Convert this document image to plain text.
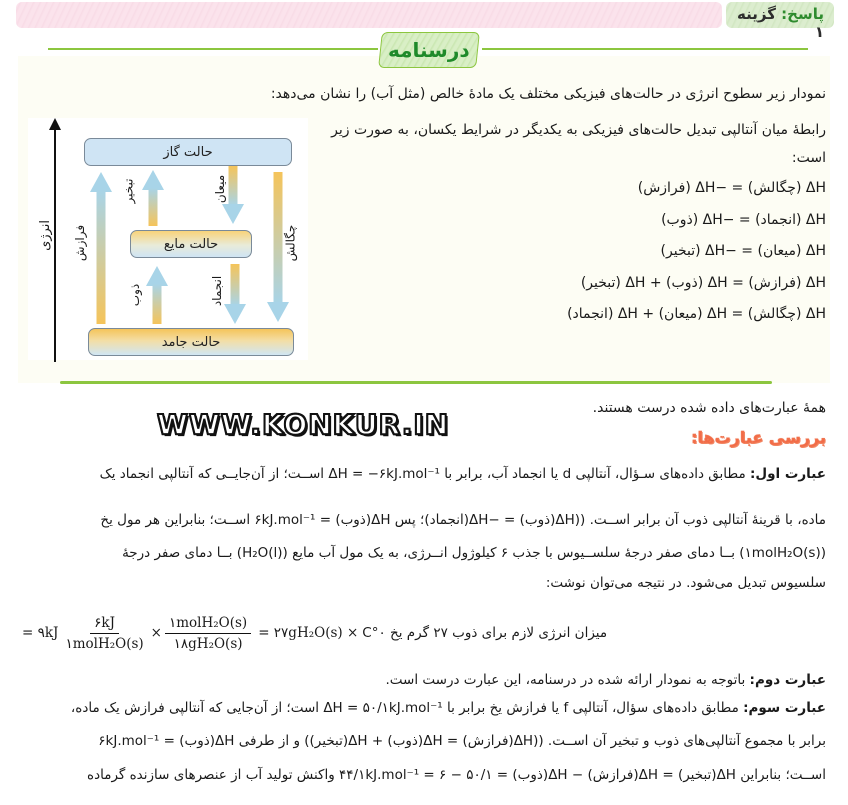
پاسخ: گزینه ۱
درسنامه
نمودار زیر سطوح انرژی در حالت‌های فیزیکی مختلف یک مادۀ خالص (مثل آب) را نشان می‌دهد:
رابطۀ میان آنتالپی تبدیل حالت‌های فیزیکی به یکدیگر در شرایط یکسان، به صورت زیر
است:
ΔH (چگالش) = −ΔH (فرازش)
ΔH (انجماد) = −ΔH (ذوب)
ΔH (میعان) = −ΔH (تبخیر)
ΔH (فرازش) = ΔH (ذوب) + ΔH (تبخیر)
ΔH (چگالش) = ΔH (میعان) + ΔH (انجماد)
انرژی
حالت گاز
حالت مایع
حالت جامد
فرازش
تبخیر	میعان
چگالش
ذوب	انجماد
همۀ عبارت‌های داده شده درست هستند.
WWW.KONKUR.IN	بررسی عبارت‌ها:
عبارت اول: مطابق داده‌های سـؤال، آنتالپی d یا انجماد آب، برابر با ΔH = −۶kJ.mol⁻¹ اســت؛ از آن‌جایــی که آنتالپی انجماد یک
ماده، با قرینۀ آنتالپی ذوب آن برابر اســت. ((ΔH(ذوب) = −ΔH(انجماد)؛ پس ΔH(ذوب) = ۶kJ.mol⁻¹ اســت؛ بنابراین هر مول یخ
(۱molH₂O(s)) بــا دمای صفر درجۀ سلســیوس با جذب ۶ کیلوژول انــرژی، به یک مول آب مایع (H₂O(l)) بــا دمای صفر درجۀ
سلسیوس تبدیل می‌شود. در نتیجه می‌توان نوشت:
میزان انرژی لازم برای ذوب ۲۷ گرم یخ ۰°C
= ۲۷gH₂O(s) ×
$\frac{\text{۱molH₂O(s)}}{\text{۱۸gH₂O(s)}}$
×
$\frac{۶kJ}{\text{۱molH₂O(s)}}$
= ۹kJ
عبارت دوم: باتوجه به نمودار ارائه شده در درسنامه، این عبارت درست است.
عبارت سوم: مطابق داده‌های سؤال، آنتالپی f یا فرازش یخ برابر با ΔH = ۵۰/۱kJ.mol⁻¹ است؛ از آن‌جایی که آنتالپی فرازش یک ماده،
برابر با مجموع آنتالپی‌های ذوب و تبخیر آن اســت. ((ΔH(فرازش) = ΔH(ذوب) + ΔH(تبخیر)) و از طرفی ΔH(ذوب) = ۶kJ.mol⁻¹
اســت؛ بنابراین ΔH(تبخیر) = ΔH(فرازش) − ΔH(ذوب) = ۵۰/۱ − ۶ = ۴۴/۱kJ.mol⁻¹ واکنش تولید آب از عنصرهای سازنده گرماده
